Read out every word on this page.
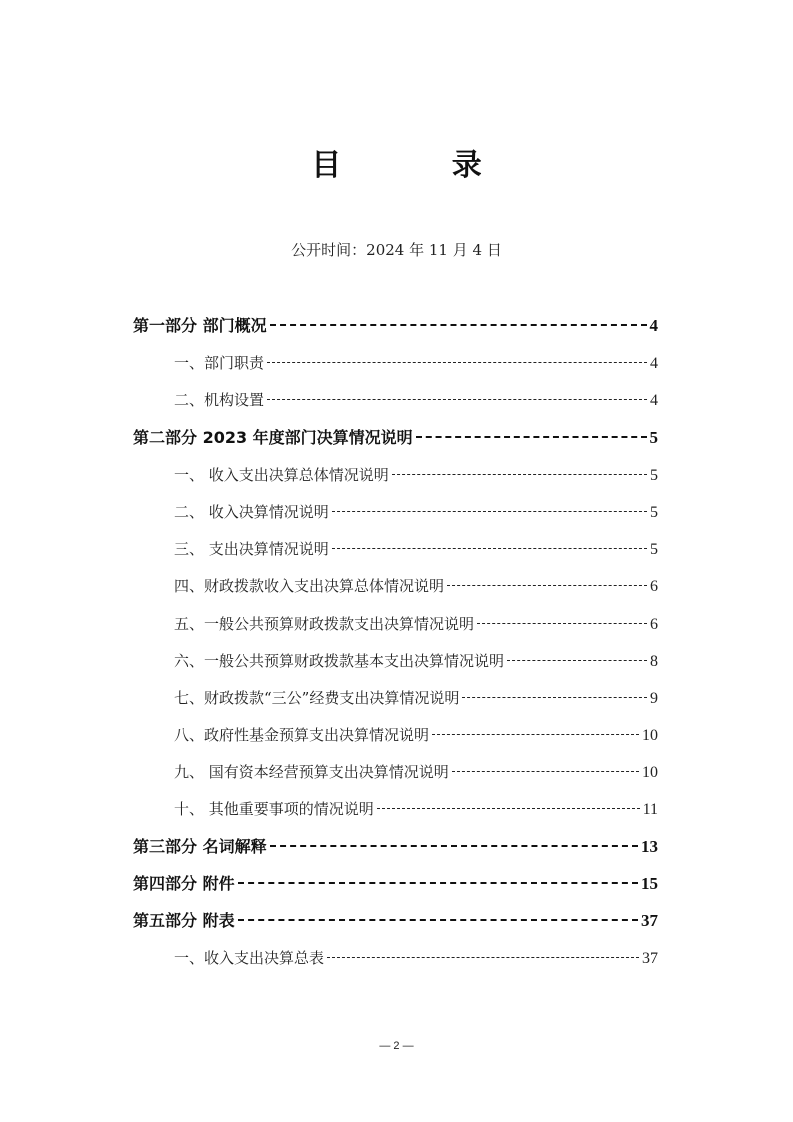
目 录
公开时间：2024 年 11 月 4 日
第一部分 部门概况	4
一、部门职责	4
二、机构设置	4
第二部分 2023 年度部门决算情况说明	5
一、 收入支出决算总体情况说明	5
二、 收入决算情况说明	5
三、 支出决算情况说明	5
四、财政拨款收入支出决算总体情况说明	6
五、一般公共预算财政拨款支出决算情况说明	6
六、一般公共预算财政拨款基本支出决算情况说明	8
七、财政拨款“三公”经费支出决算情况说明	9
八、政府性基金预算支出决算情况说明	10
九、 国有资本经营预算支出决算情况说明	10
十、 其他重要事项的情况说明	11
第三部分 名词解释	13
第四部分 附件	15
第五部分 附表	37
一、收入支出决算总表	37
— 2 —
